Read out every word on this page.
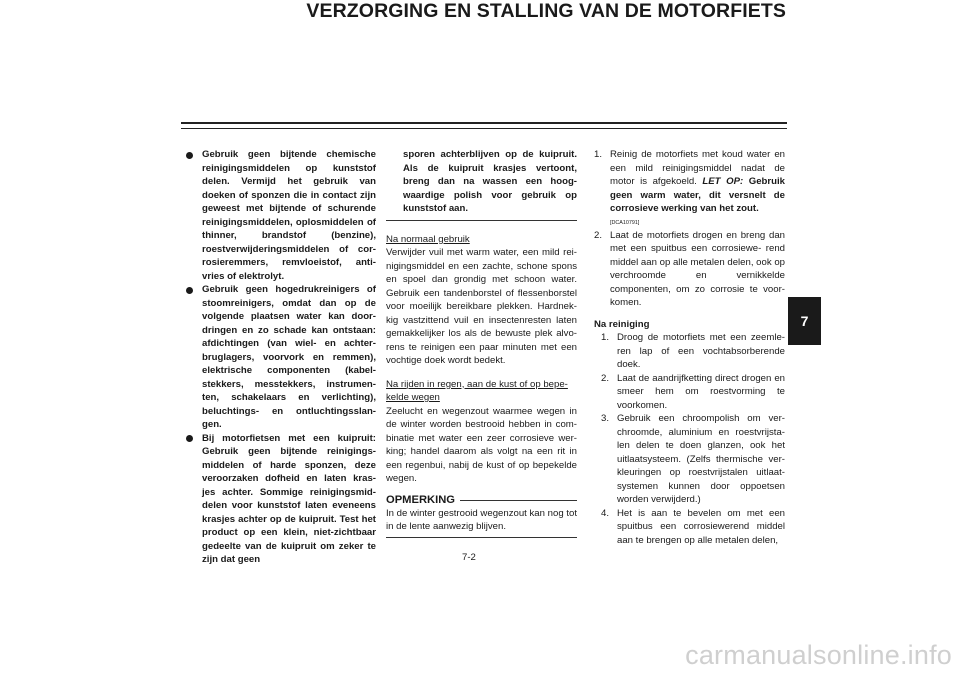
VERZORGING EN STALLING VAN DE MOTORFIETS
Gebruik geen bijtende chemische reinigingsmiddelen op kunststof delen. Vermijd het gebruik van doeken of sponzen die in contact zijn geweest met bijtende of schurende reinigingsmiddelen, oplosmiddelen of thinner, brandstof (benzine), roestverwijderingsmiddelen of cor- rosieremmers, remvloeistof, anti- vries of elektrolyt.
Gebruik geen hogedrukreinigers of stoomreinigers, omdat dan op de volgende plaatsen water kan door- dringen en zo schade kan ontstaan: afdichtingen (van wiel- en achter- bruglagers, voorvork en remmen), elektrische componenten (kabel- stekkers, messtekkers, instrumen- ten, schakelaars en verlichting), beluchtings- en ontluchtingsslan- gen.
Bij motorfietsen met een kuipruit: Gebruik geen bijtende reinigings- middelen of harde sponzen, deze veroorzaken dofheid en laten kras- jes achter. Sommige reinigingsmid- delen voor kunststof laten eveneens krasjes achter op de kuipruit. Test het product op een klein, niet-zichtbaar gedeelte van de kuipruit om zeker te zijn dat geen
sporen achterblijven op de kuipruit. Als de kuipruit krasjes vertoont, breng dan na wassen een hoog- waardige polish voor gebruik op kunststof aan.
Na normaal gebruik
Verwijder vuil met warm water, een mild rei- nigingsmiddel en een zachte, schone spons en spoel dan grondig met schoon water. Gebruik een tandenborstel of flessenborstel voor moeilijk bereikbare plekken. Hardnek- kig vastzittend vuil en insectenresten laten gemakkelijker los als de bewuste plek alvo- rens te reinigen een paar minuten met een vochtige doek wordt bedekt.
Na rijden in regen, aan de kust of op bepe- kelde wegen
Zeelucht en wegenzout waarmee wegen in de winter worden bestrooid hebben in com- binatie met water een zeer corrosieve wer- king; handel daarom als volgt na een rit in een regenbui, nabij de kust of op bepekelde wegen.
OPMERKING
In de winter gestrooid wegenzout kan nog tot in de lente aanwezig blijven.
1. Reinig de motorfiets met koud water en een mild reinigingsmiddel nadat de motor is afgekoeld. LET OP: Gebruik geen warm water, dit versnelt de corrosieve werking van het zout.
[DCA10791]
2. Laat de motorfiets drogen en breng dan met een spuitbus een corrosiewe- rend middel aan op alle metalen delen, ook op verchroomde en vernikkelde componenten, om zo corrosie te voor- komen.
Na reiniging
1. Droog de motorfiets met een zeemle- ren lap of een vochtabsorberende doek.
2. Laat de aandrijfketting direct drogen en smeer hem om roestvorming te voorkomen.
3. Gebruik een chroompolish om ver- chroomde, aluminium en roestvrijsta- len delen te doen glanzen, ook het uitlaatsysteem. (Zelfs thermische ver- kleuringen op roestvrijstalen uitlaat- systemen kunnen door oppoetsen worden verwijderd.)
4. Het is aan te bevelen om met een spuitbus een corrosiewerend middel aan te brengen op alle metalen delen,
7
7-2
carmanualsonline.info
